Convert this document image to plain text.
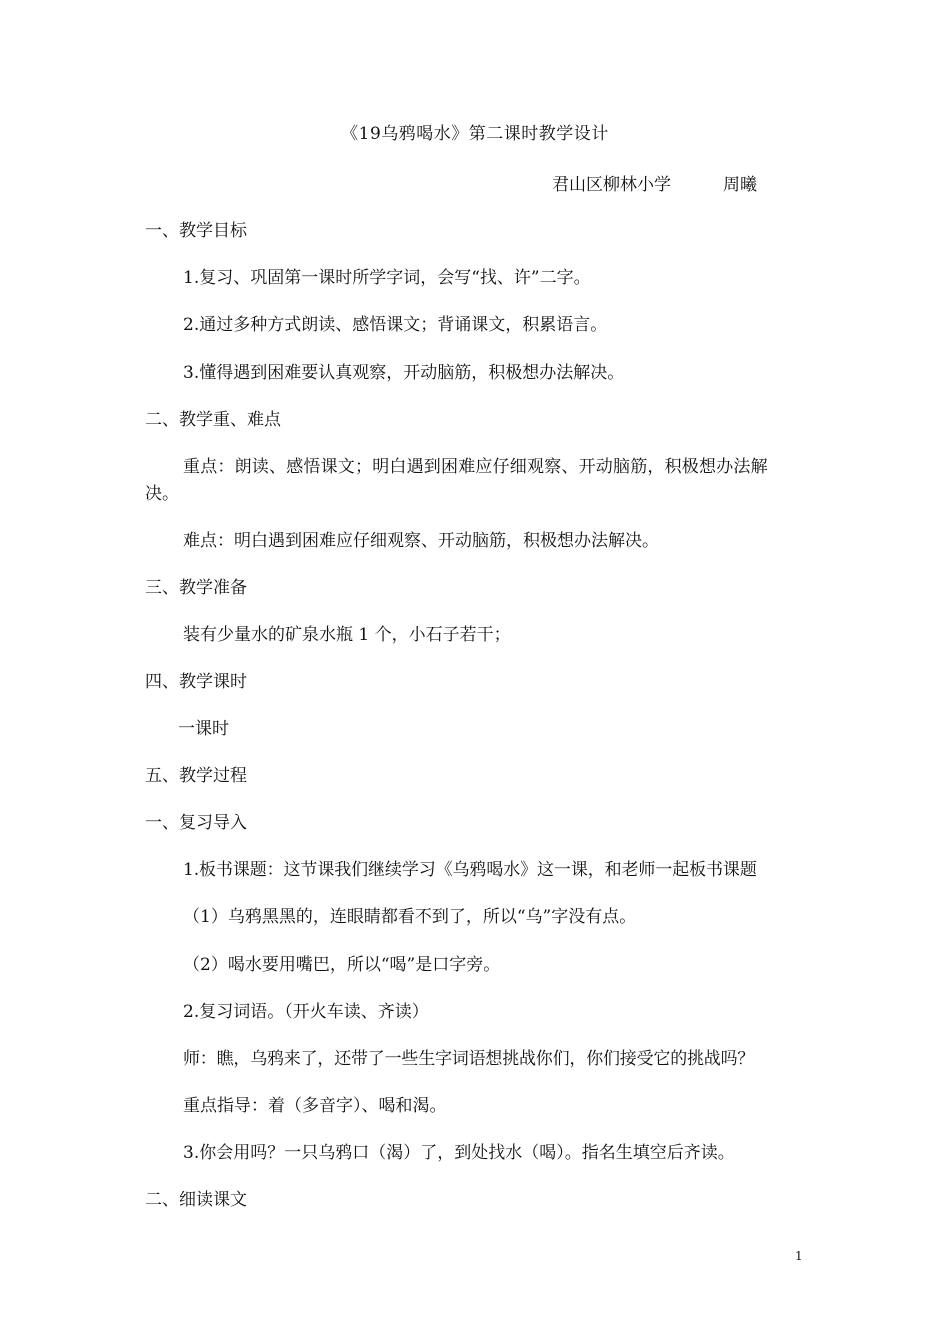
《19乌鸦喝水》第二课时教学设计
君山区柳林小学	周曦
一、教学目标
1.复习、巩固第一课时所学字词，会写“找、许”二字。
2.通过多种方式朗读、感悟课文；背诵课文，积累语言。
3.懂得遇到困难要认真观察，开动脑筋，积极想办法解决。
二、教学重、难点
重点：朗读、感悟课文；明白遇到困难应仔细观察、开动脑筋，积极想办法解
决。
难点：明白遇到困难应仔细观察、开动脑筋，积极想办法解决。
三、教学准备
装有少量水的矿泉水瓶 1 个，小石子若干；
四、教学课时
一课时
五、教学过程
一、复习导入
1.板书课题：这节课我们继续学习《乌鸦喝水》这一课，和老师一起板书课题
（1）乌鸦黑黑的，连眼睛都看不到了，所以“乌”字没有点。
（2）喝水要用嘴巴，所以“喝”是口字旁。
2.复习词语。（开火车读、齐读）
师：瞧，乌鸦来了，还带了一些生字词语想挑战你们，你们接受它的挑战吗？
重点指导：着（多音字）、喝和渴。
3.你会用吗？一只乌鸦口（渴）了，到处找水（喝）。指名生填空后齐读。
二、细读课文
1
